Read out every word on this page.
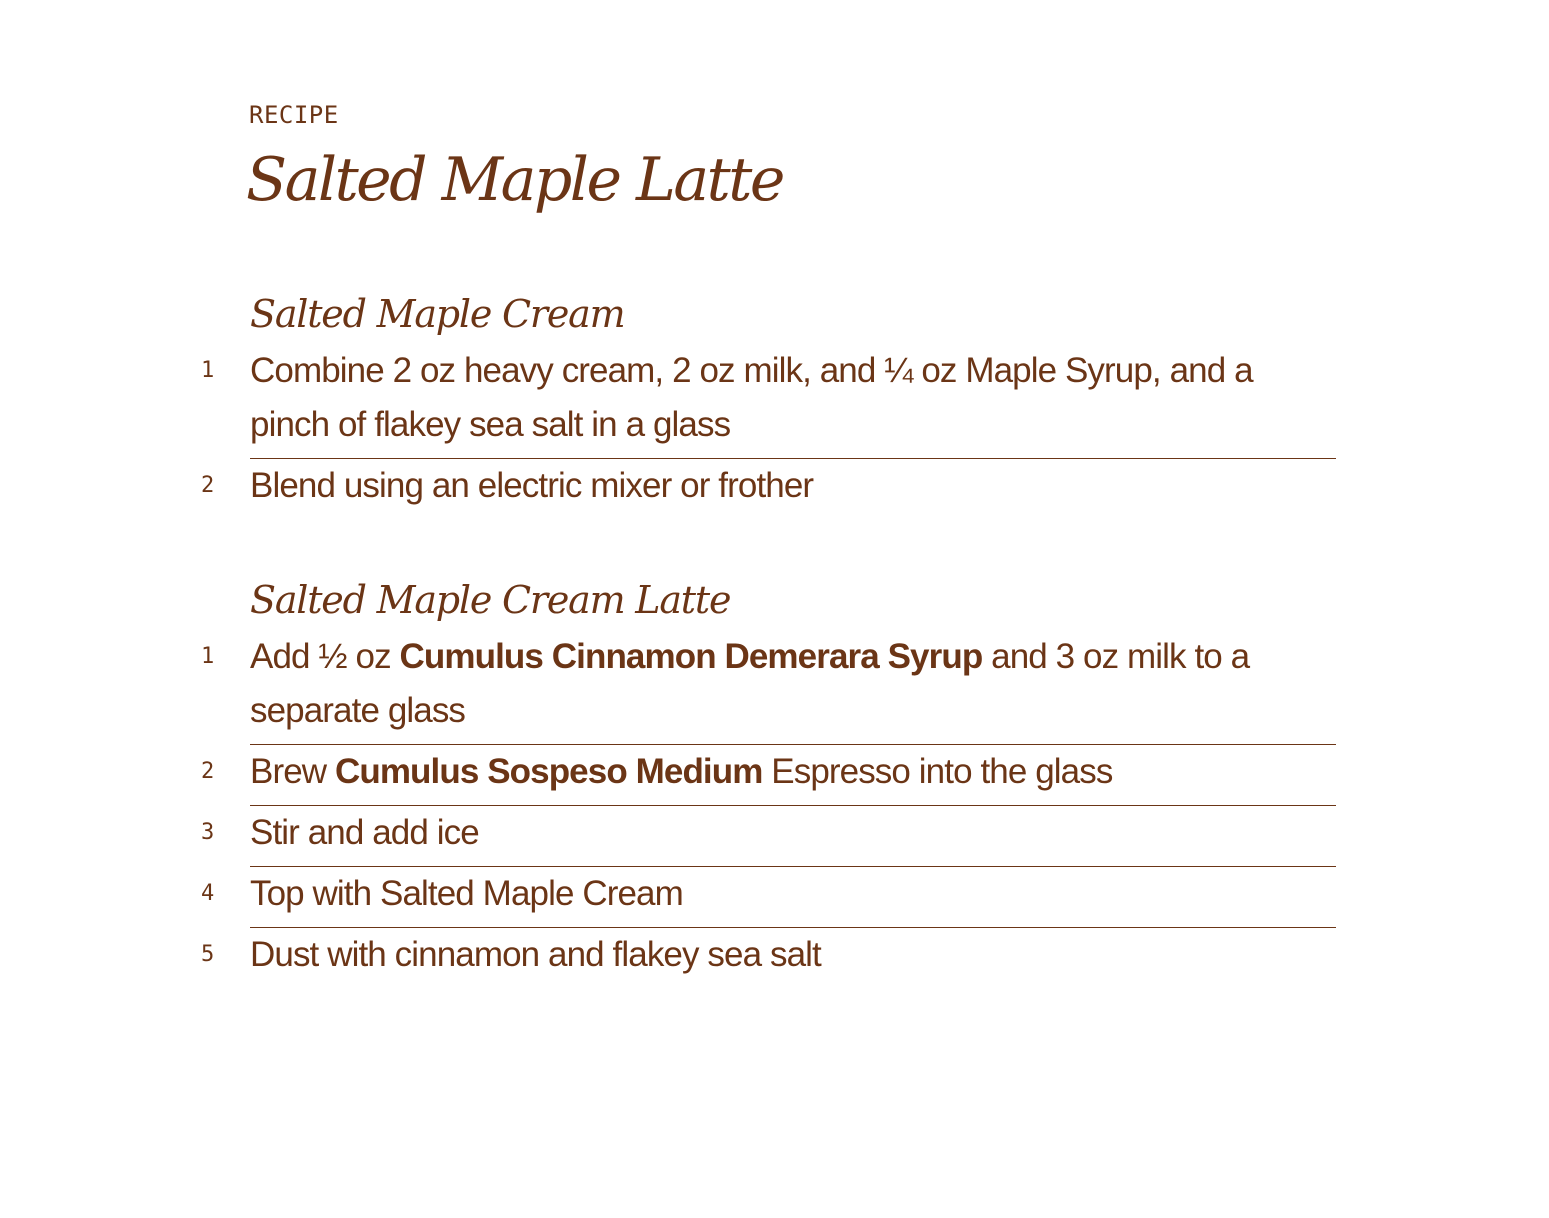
RECIPE
Salted Maple Latte
Salted Maple Cream
1 Combine 2 oz heavy cream, 2 oz milk, and ¼ oz Maple Syrup, and a pinch of flakey sea salt in a glass
2 Blend using an electric mixer or frother
Salted Maple Cream Latte
1 Add ½ oz Cumulus Cinnamon Demerara Syrup and 3 oz milk to a separate glass
2 Brew Cumulus Sospeso Medium Espresso into the glass
3 Stir and add ice
4 Top with Salted Maple Cream
5 Dust with cinnamon and flakey sea salt
